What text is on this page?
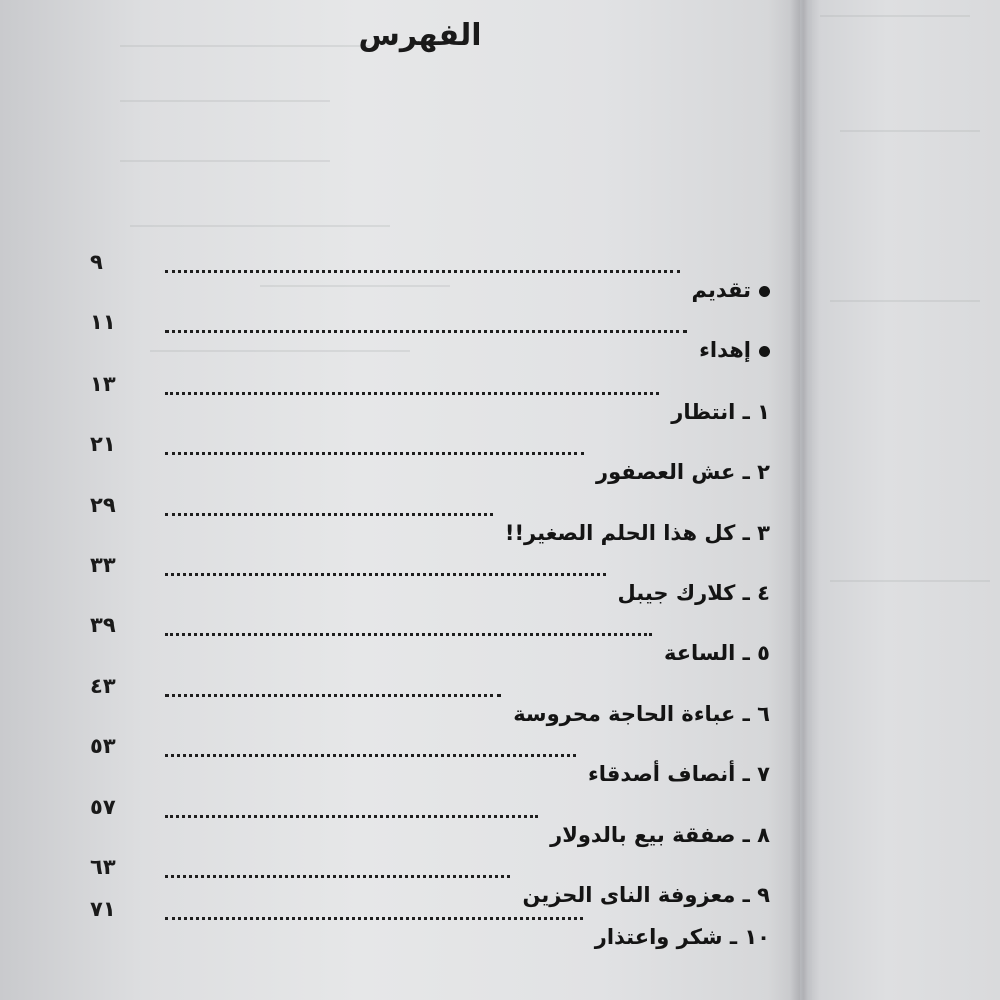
الفهرس
٩
تقديم
١١
إهداء
١٣
١ ـ انتظار
٢١
٢ ـ عش العصفور
٢٩
٣ ـ كل هذا الحلم الصغير!!
٣٣
٤ ـ كلارك جيبل
٣٩
٥ ـ الساعة
٤٣
٦ ـ عباءة الحاجة محروسة
٥٣
٧ ـ أنصاف أصدقاء
٥٧
٨ ـ صفقة بيع بالدولار
٦٣
٩ ـ معزوفة الناى الحزين
٧١
١٠ ـ شكر واعتذار
